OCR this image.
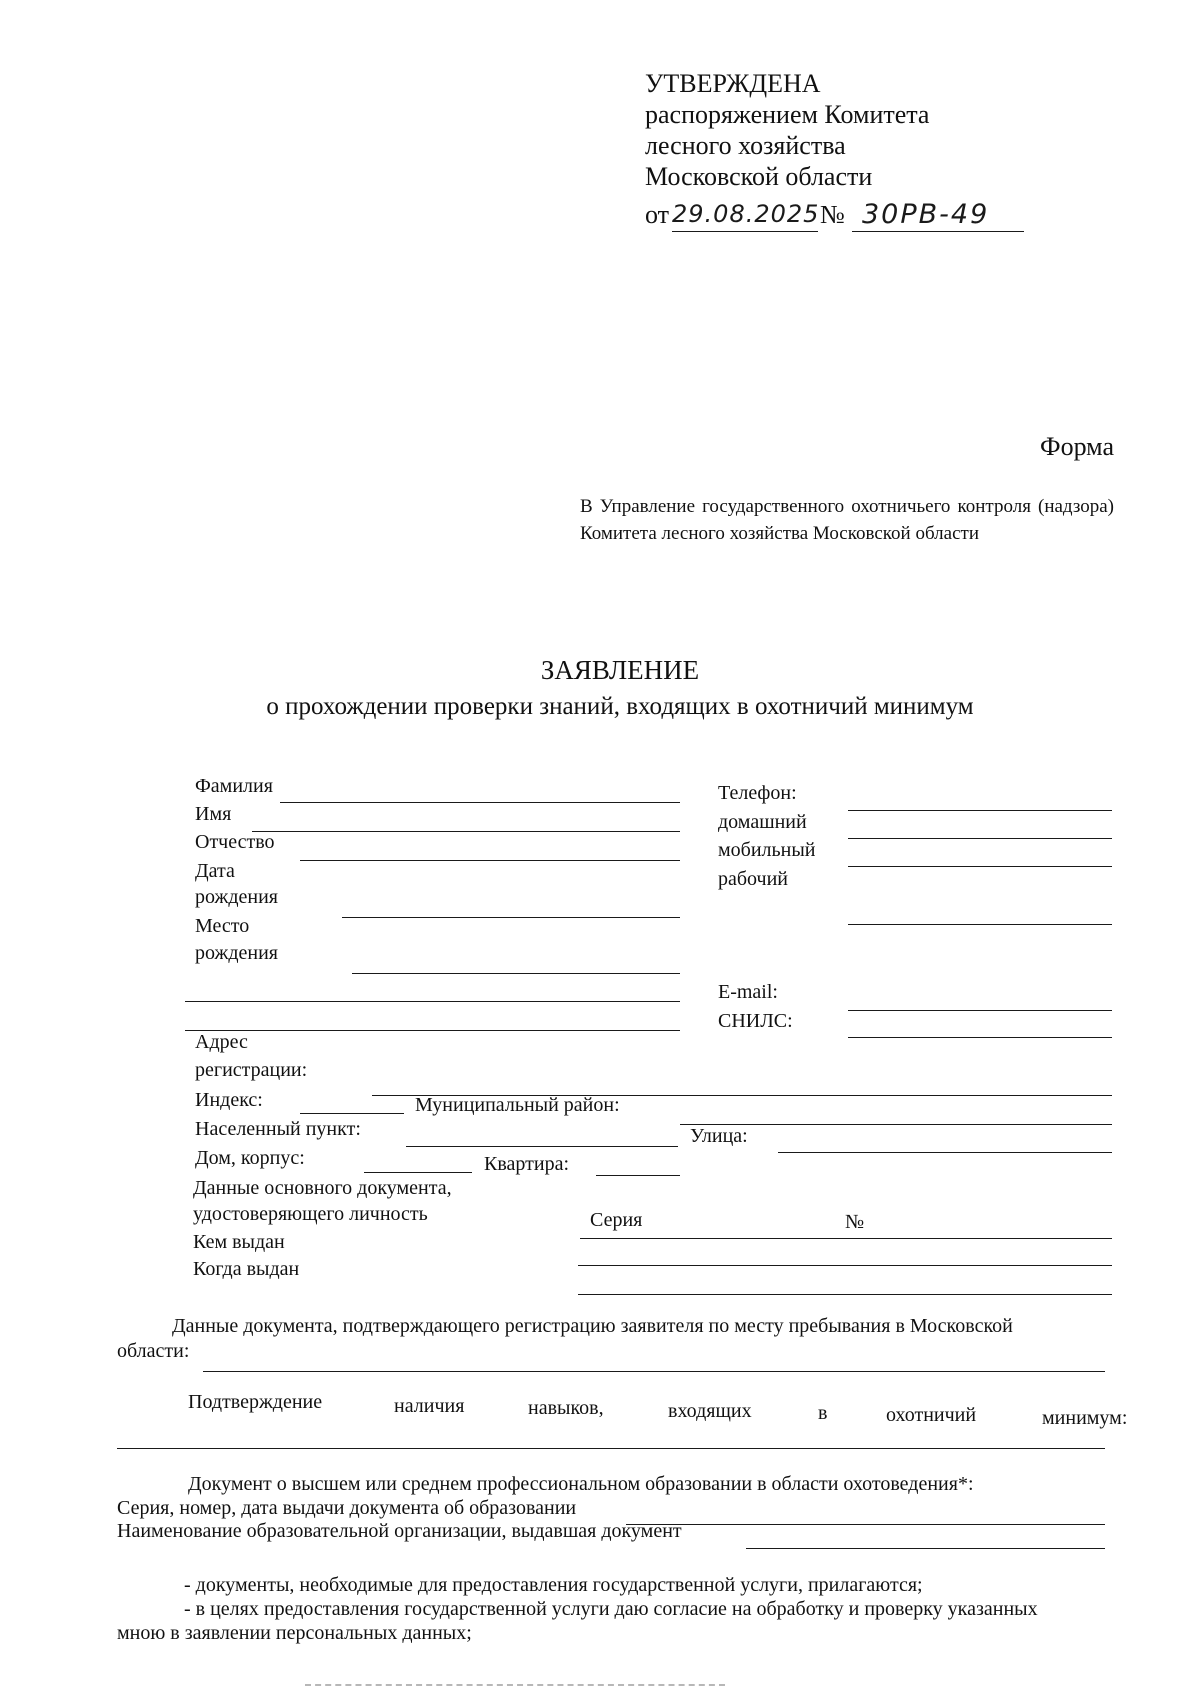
УТВЕРЖДЕНА
распоряжением Комитета
лесного хозяйства
Московской области
от 29.08.2025 № 30РВ-49
Форма
В Управление государственного охотничьего контроля (надзора) Комитета лесного хозяйства Московской области
ЗАЯВЛЕНИЕ
о прохождении проверки знаний, входящих в охотничий минимум
Фамилия
Имя
Отчество
Дата
рождения
Место
рождения
Телефон:
домашний
мобильный
рабочий
E-mail:
СНИЛС:
Адрес
регистрации:
Индекс:	Муниципальный район:
Населенный пункт:	Улица:
Дом, корпус:	Квартира:
Данные основного документа,
удостоверяющего личность	Серия	№
Кем выдан
Когда выдан
Данные документа, подтверждающего регистрацию заявителя по месту пребывания в Московской
области:
Подтверждение	наличия	навыков,	входящих	в	охотничий	минимум:
Документ о высшем или среднем профессиональном образовании в области охотоведения*:
Серия, номер, дата выдачи документа об образовании
Наименование образовательной организации, выдавшая документ
- документы, необходимые для предоставления государственной услуги, прилагаются;
- в целях предоставления государственной услуги даю согласие на обработку и проверку указанных
мною в заявлении персональных данных;
